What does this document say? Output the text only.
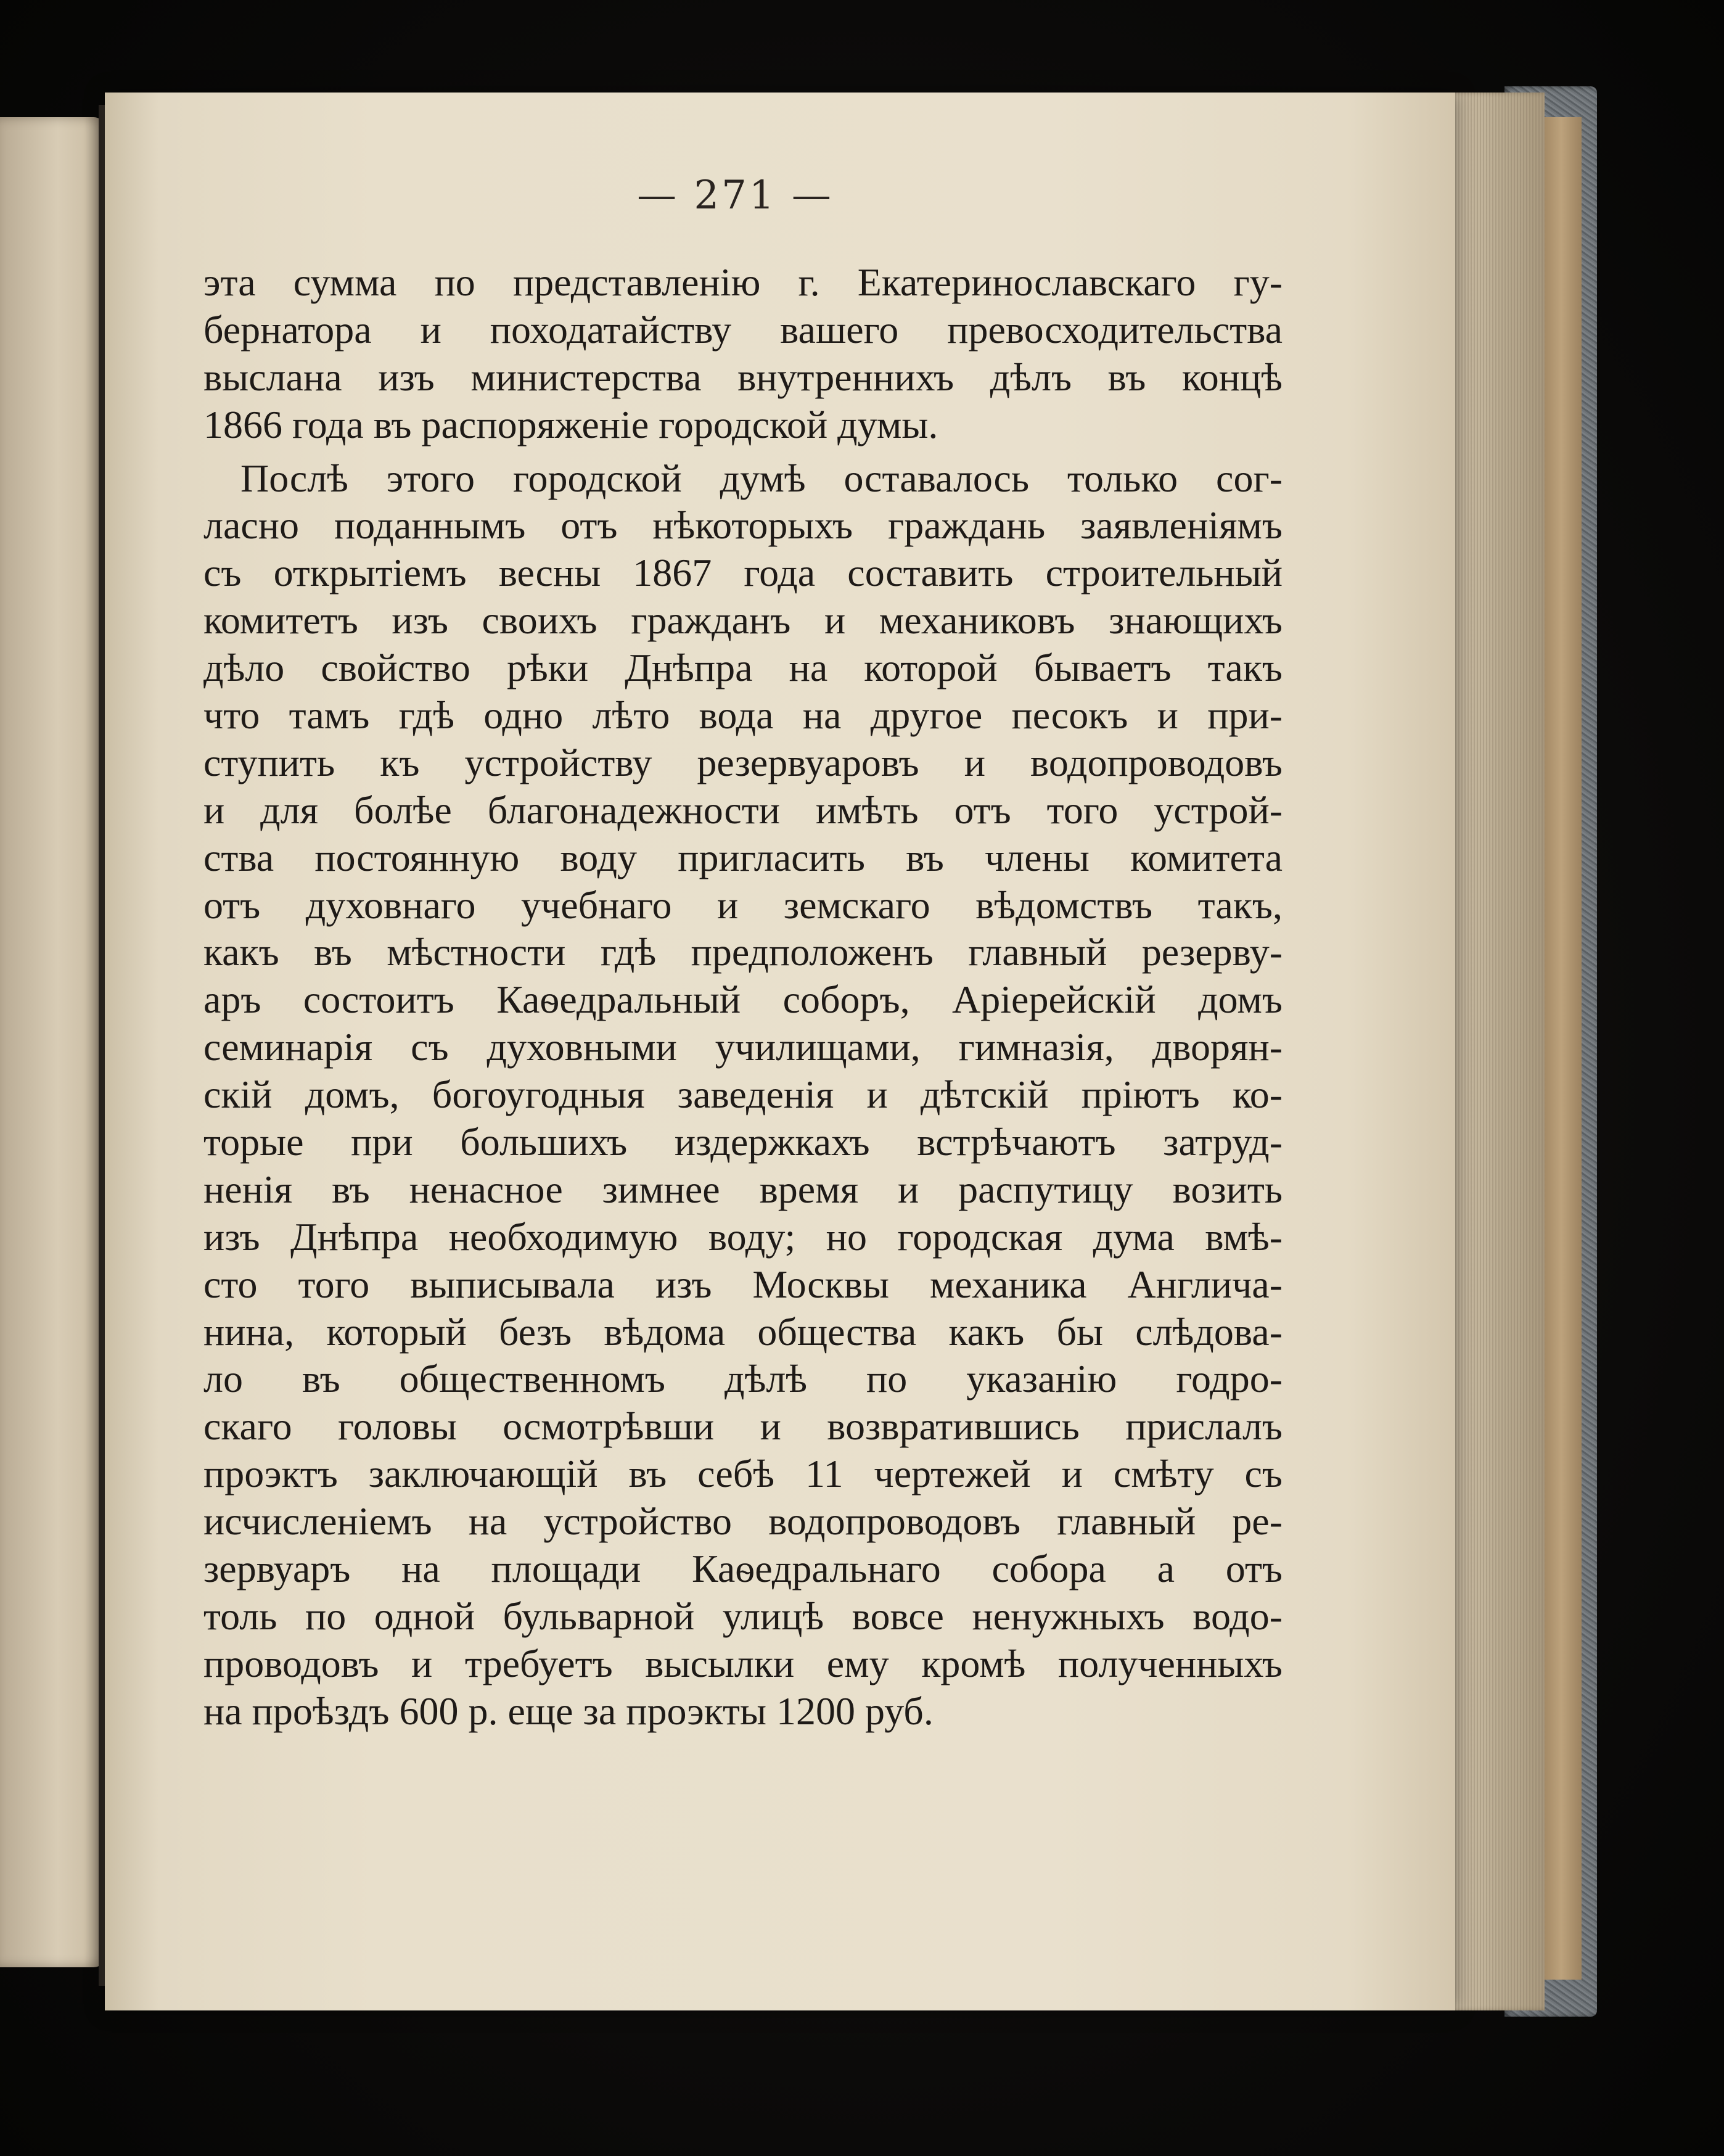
— 271 —
эта сумма по представленію г. Екатеринославскаго гу-
бернатора и походатайству вашего превосходительства
выслана изъ министерства внутреннихъ дѣлъ въ концѣ
1866 года въ распоряженіе городской думы.
Послѣ этого городской думѣ оставалось только сог-
ласно поданнымъ отъ нѣкоторыхъ граждань заявленіямъ
съ открытіемъ весны 1867 года составить строительный
комитетъ изъ своихъ гражданъ и механиковъ знающихъ
дѣло свойство рѣки Днѣпра на которой бываетъ такъ
что тамъ гдѣ одно лѣто вода на другое песокъ и при-
ступить къ устройству резервуаровъ и водопроводовъ
и для болѣе благонадежности имѣть отъ того устрой-
ства постоянную воду пригласить въ члены комитета
отъ духовнаго учебнаго и земскаго вѣдомствъ такъ,
какъ въ мѣстности гдѣ предположенъ главный резерву-
аръ состоитъ Каѳедральный соборъ, Аріерейскій домъ
семинарія съ духовными училищами, гимназія, дворян-
скій домъ, богоугодныя заведенія и дѣтскій пріютъ ко-
торые при большихъ издержкахъ встрѣчаютъ затруд-
ненія въ ненасное зимнее время и распутицу возить
изъ Днѣпра необходимую воду; но городская дума вмѣ-
сто того выписывала изъ Москвы механика Англича-
нина, который безъ вѣдома общества какъ бы слѣдова-
ло въ общественномъ дѣлѣ по указанію годро-
скаго головы осмотрѣвши и возвратившись прислалъ
проэктъ заключающій въ себѣ 11 чертежей и смѣту съ
исчисленіемъ на устройство водопроводовъ главный ре-
зервуаръ на площади Каѳедральнаго собора а отъ
толь по одной бульварной улицѣ вовсе ненужныхъ водо-
проводовъ и требуетъ высылки ему кромѣ полученныхъ
на проѣздъ 600 р. еще за проэкты 1200 руб.
